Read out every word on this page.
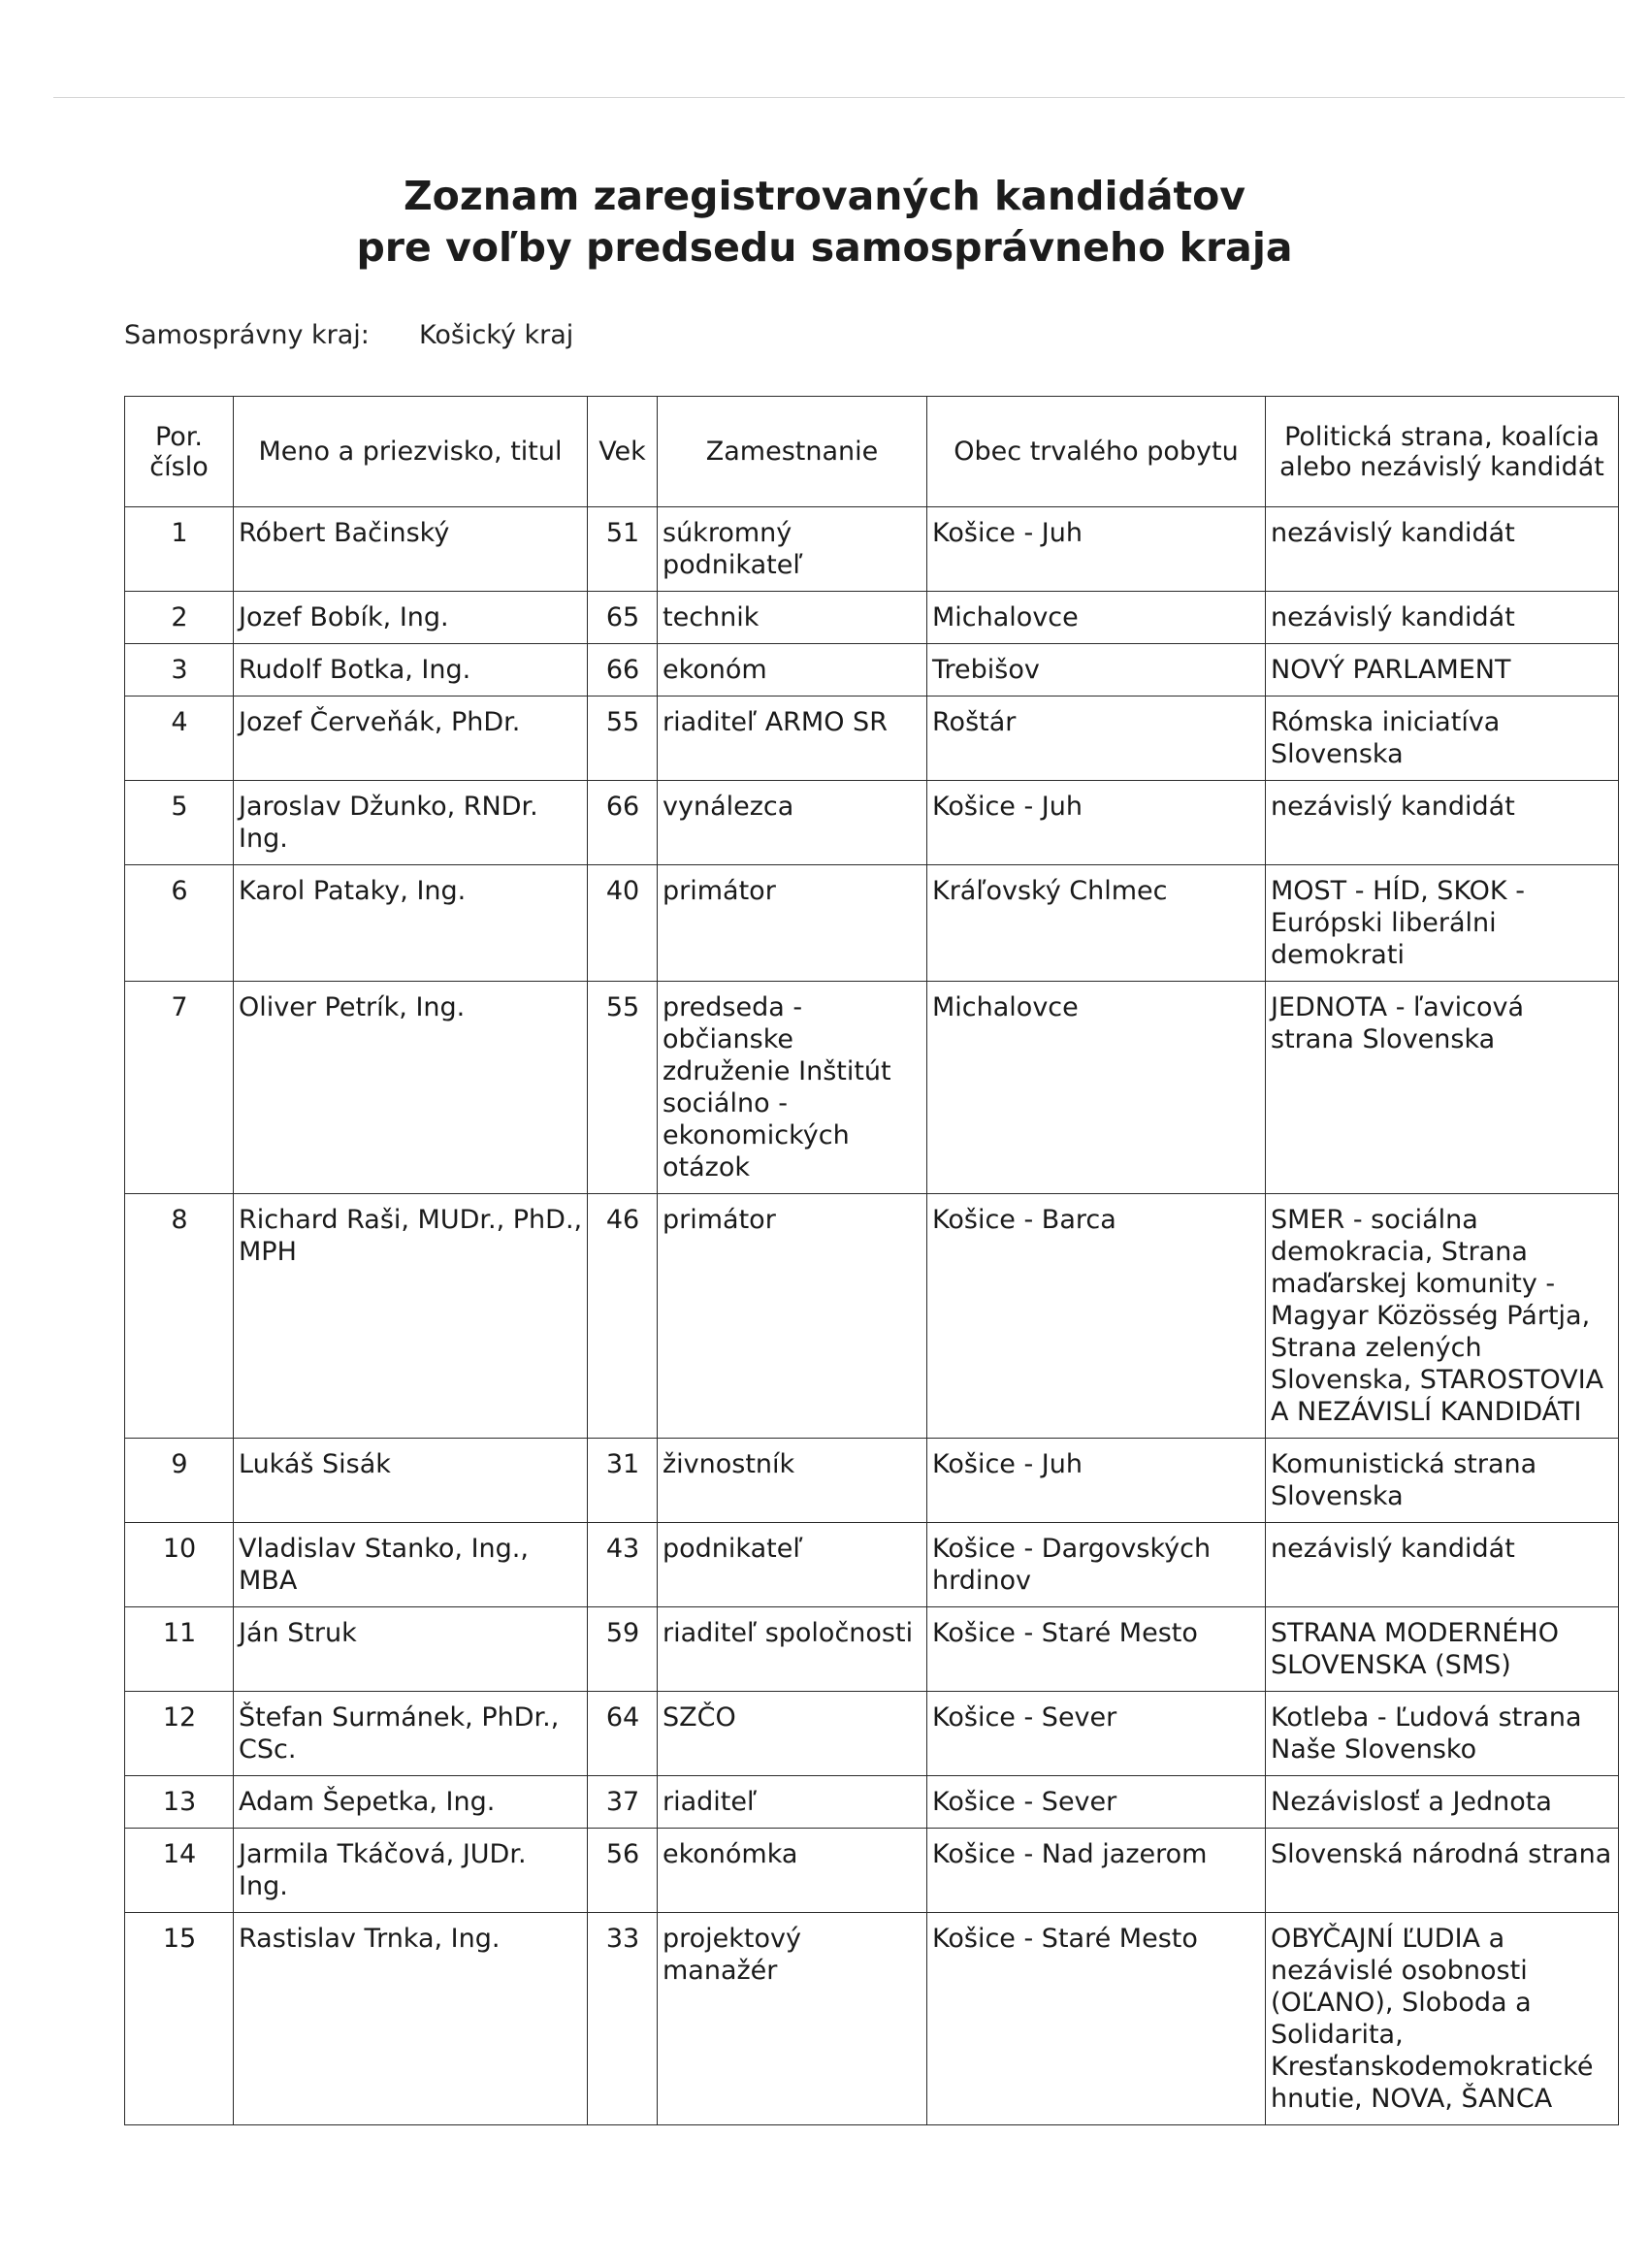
Zoznam zaregistrovaných kandidátov
pre voľby predsedu samosprávneho kraja
Samosprávny kraj: Košický kraj
Por. číslo	Meno a priezvisko, titul	Vek	Zamestnanie	Obec trvalého pobytu	Politická strana, koalícia alebo nezávislý kandidát
1	Róbert Bačinský	51	súkromný podnikateľ	Košice - Juh	nezávislý kandidát
2	Jozef Bobík, Ing.	65	technik	Michalovce	nezávislý kandidát
3	Rudolf Botka, Ing.	66	ekonóm	Trebišov	NOVÝ PARLAMENT
4	Jozef Červeňák, PhDr.	55	riaditeľ ARMO SR	Roštár	Rómska iniciatíva Slovenska
5	Jaroslav Džunko, RNDr. Ing.	66	vynálezca	Košice - Juh	nezávislý kandidát
6	Karol Pataky, Ing.	40	primátor	Kráľovský Chlmec	MOST - HÍD, SKOK - Európski liberálni demokrati
7	Oliver Petrík, Ing.	55	predseda - občianske združenie Inštitút sociálno - ekonomických otázok	Michalovce	JEDNOTA - ľavicová strana Slovenska
8	Richard Raši, MUDr., PhD., MPH	46	primátor	Košice - Barca	SMER - sociálna demokracia, Strana maďarskej komunity - Magyar Közösség Pártja, Strana zelených Slovenska, STAROSTOVIA A NEZÁVISLÍ KANDIDÁTI
9	Lukáš Sisák	31	živnostník	Košice - Juh	Komunistická strana Slovenska
10	Vladislav Stanko, Ing., MBA	43	podnikateľ	Košice - Dargovských hrdinov	nezávislý kandidát
11	Ján Struk	59	riaditeľ spoločnosti	Košice - Staré Mesto	STRANA MODERNÉHO SLOVENSKA (SMS)
12	Štefan Surmánek, PhDr., CSc.	64	SZČO	Košice - Sever	Kotleba - Ľudová strana Naše Slovensko
13	Adam Šepetka, Ing.	37	riaditeľ	Košice - Sever	Nezávislosť a Jednota
14	Jarmila Tkáčová, JUDr. Ing.	56	ekonómka	Košice - Nad jazerom	Slovenská národná strana
15	Rastislav Trnka, Ing.	33	projektový manažér	Košice - Staré Mesto	OBYČAJNÍ ĽUDIA a nezávislé osobnosti (OĽANO), Sloboda a Solidarita, Kresťanskodemokratické hnutie, NOVA, ŠANCA
